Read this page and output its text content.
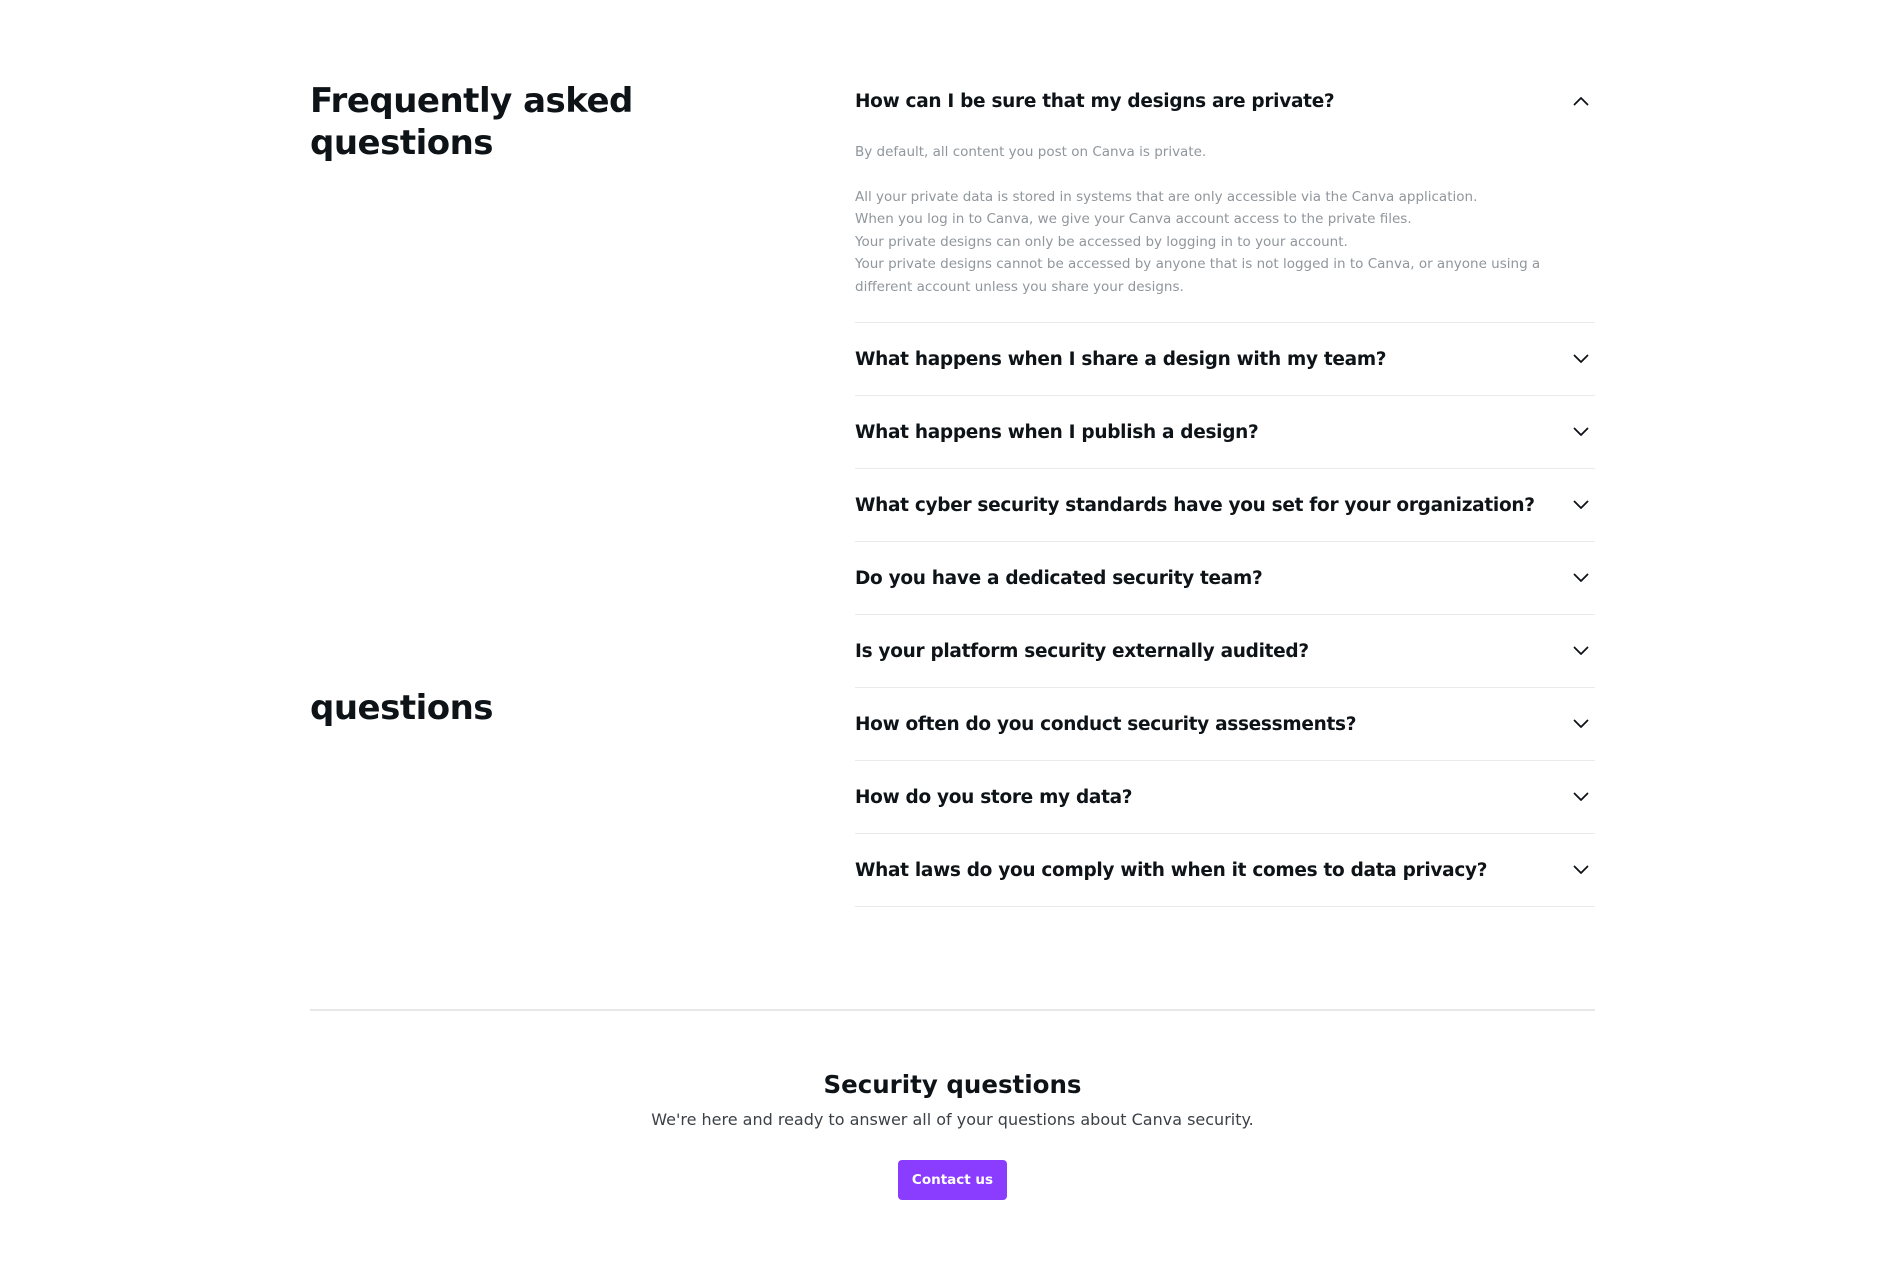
Frequently asked questions
questions
How can I be sure that my designs are private?

By default, all content you post on Canva is private.

All your private data is stored in systems that are only accessible via the Canva application.

When you log in to Canva, we give your Canva account access to the private files.

Your private designs can only be accessed by logging in to your account.

Your private designs cannot be accessed by anyone that is not logged in to Canva, or anyone using a different account unless you share your designs.

What happens when I share a design with my team?
What happens when I publish a design?
What cyber security standards have you set for your organization?
Do you have a dedicated security team?
Is your platform security externally audited?
How often do you conduct security assessments?
How do you store my data?
What laws do you comply with when it comes to data privacy?
Security questions

We're here and ready to answer all of your questions about Canva security.

Contact us
